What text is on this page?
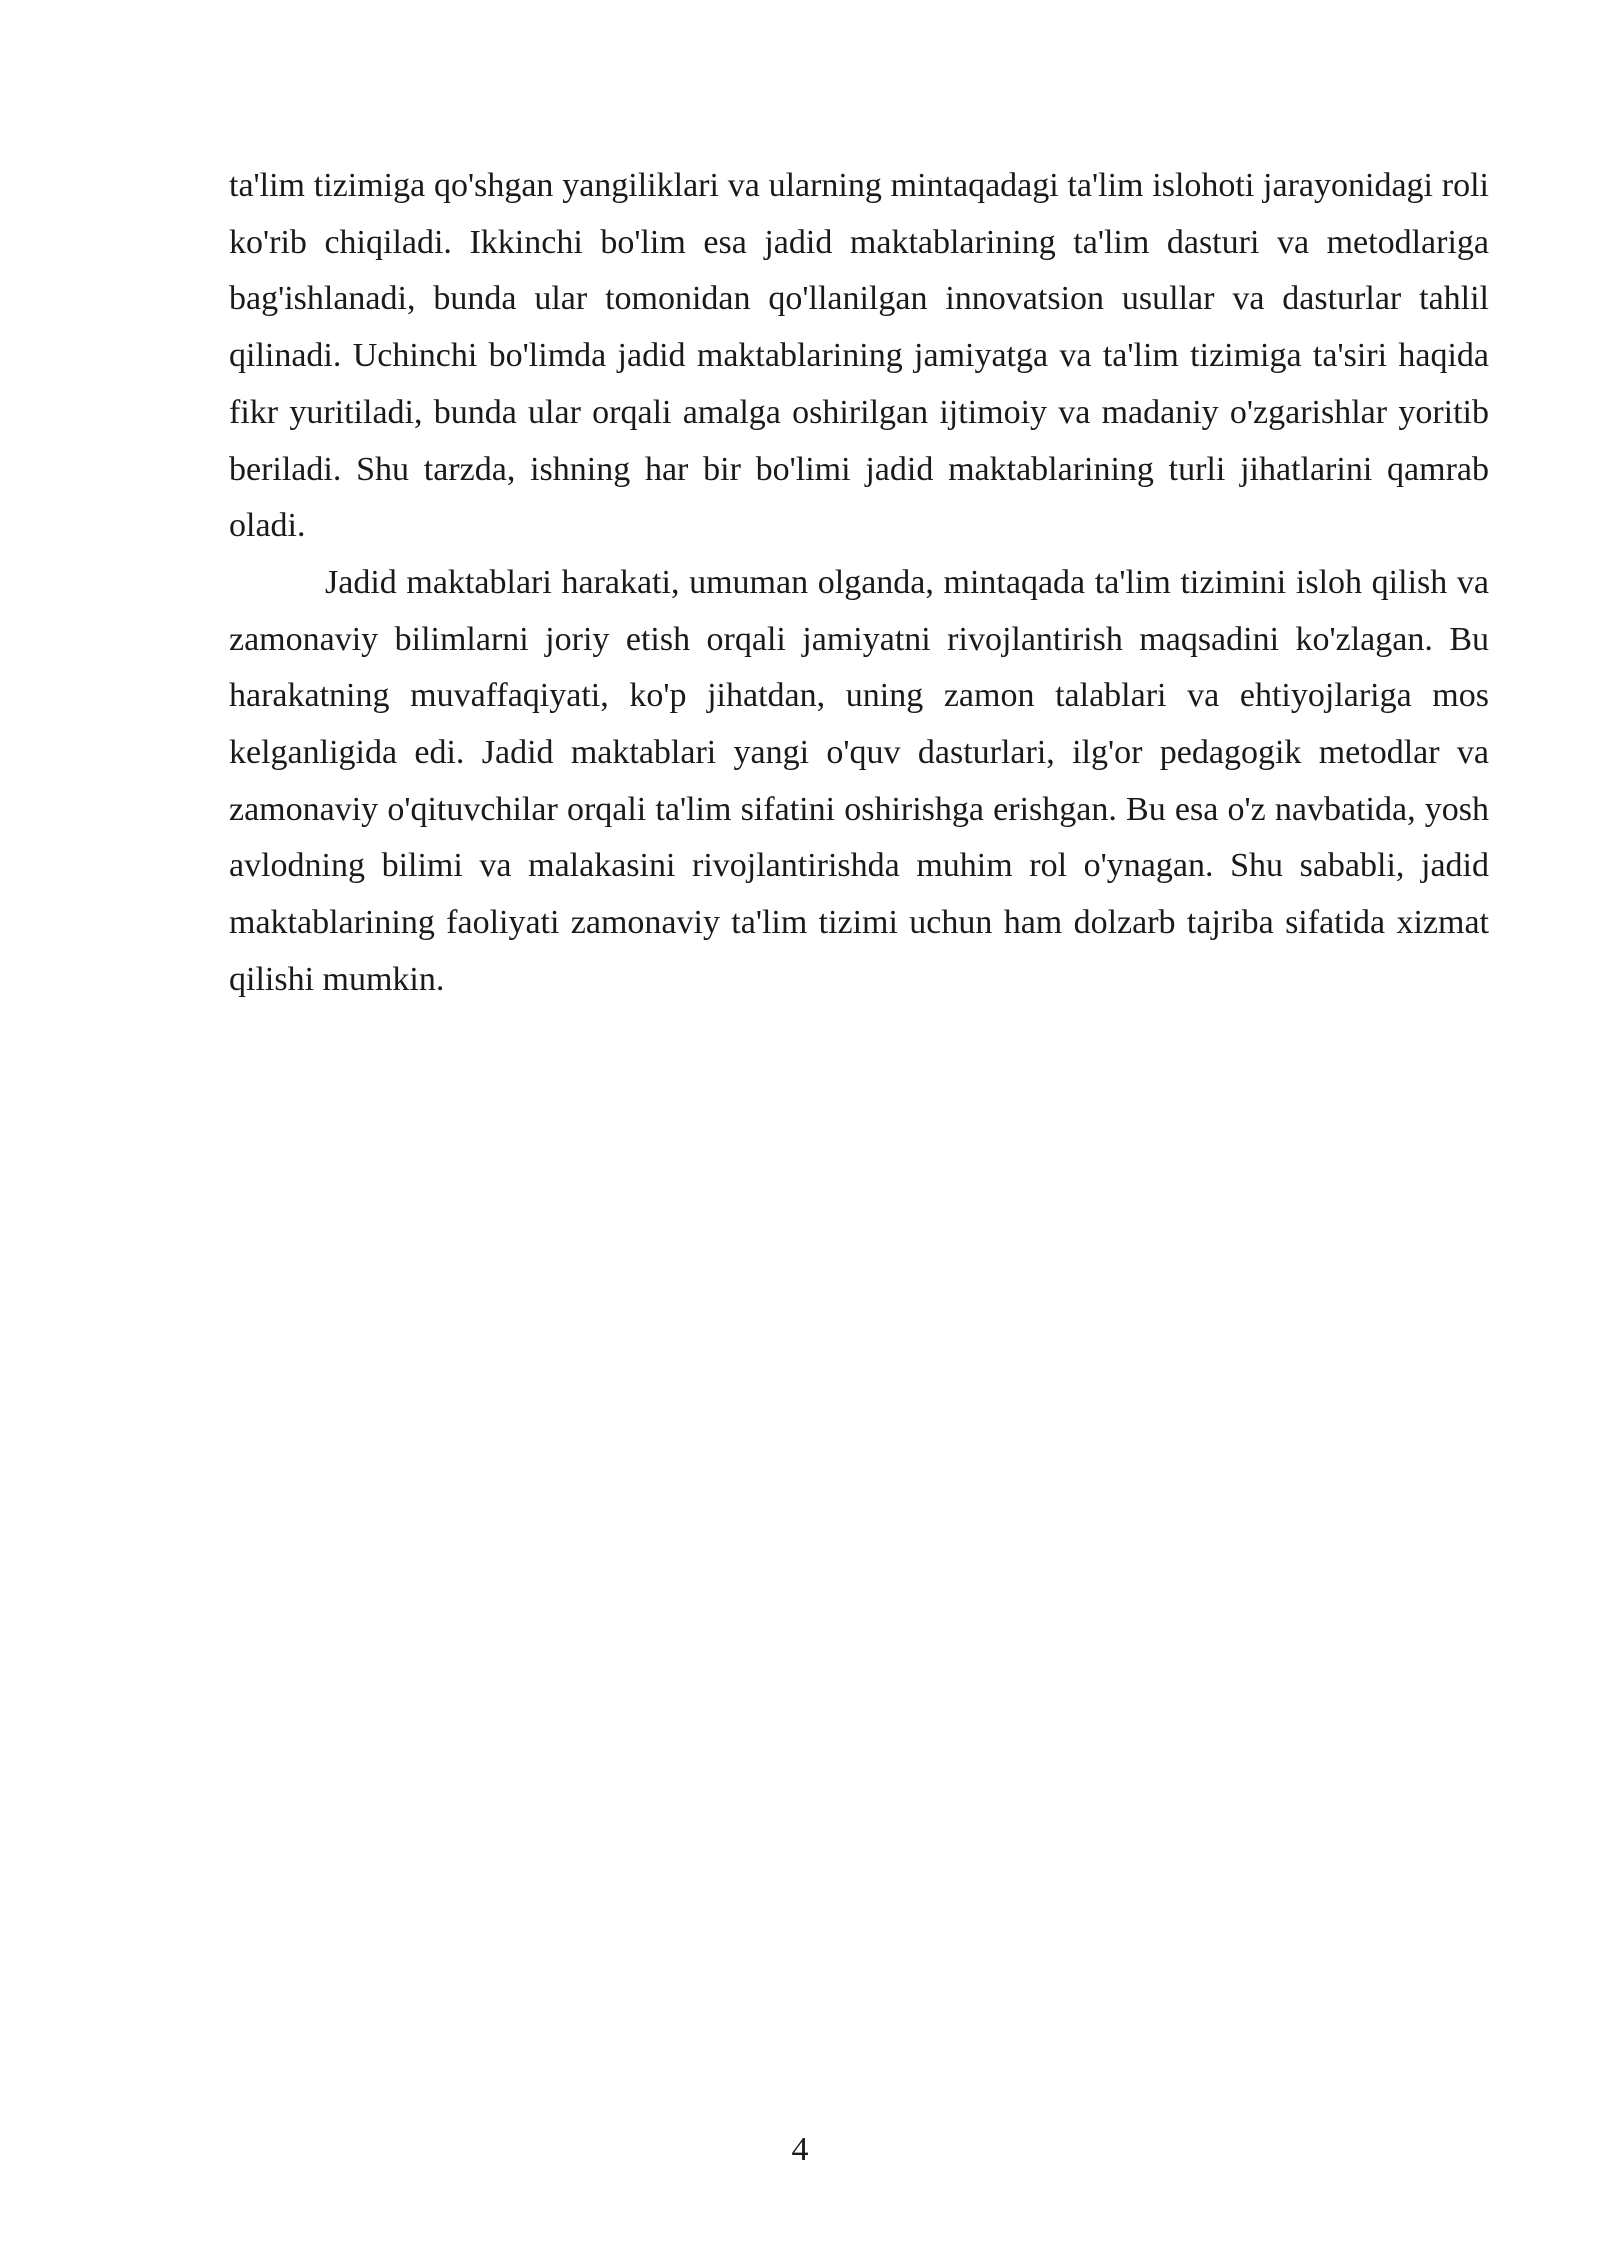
ta'lim tizimiga qo'shgan yangiliklari va ularning mintaqadagi ta'lim islohoti jarayonidagi roli ko'rib chiqiladi. Ikkinchi bo'lim esa jadid maktablarining ta'lim dasturi va metodlariga bag'ishlanadi, bunda ular tomonidan qo'llanilgan innovatsion usullar va dasturlar tahlil qilinadi. Uchinchi bo'limda jadid maktablarining jamiyatga va ta'lim tizimiga ta'siri haqida fikr yuritiladi, bunda ular orqali amalga oshirilgan ijtimoiy va madaniy o'zgarishlar yoritib beriladi. Shu tarzda, ishning har bir bo'limi jadid maktablarining turli jihatlarini qamrab oladi.

Jadid maktablari harakati, umuman olganda, mintaqada ta'lim tizimini isloh qilish va zamonaviy bilimlarni joriy etish orqali jamiyatni rivojlantirish maqsadini ko'zlagan. Bu harakatning muvaffaqiyati, ko'p jihatdan, uning zamon talablari va ehtiyojlariga mos kelganligida edi. Jadid maktablari yangi o'quv dasturlari, ilg'or pedagogik metodlar va zamonaviy o'qituvchilar orqali ta'lim sifatini oshirishga erishgan. Bu esa o'z navbatida, yosh avlodning bilimi va malakasini rivojlantirishda muhim rol o'ynagan. Shu sababli, jadid maktablarining faoliyati zamonaviy ta'lim tizimi uchun ham dolzarb tajriba sifatida xizmat qilishi mumkin.

4
